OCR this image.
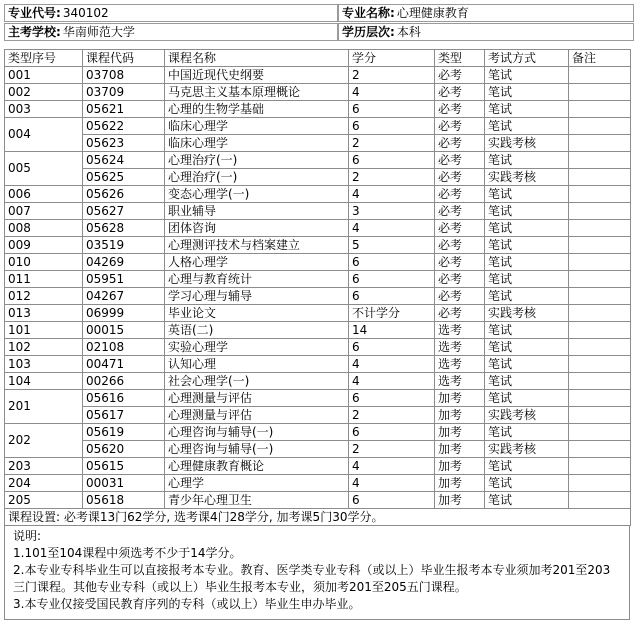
专业代号: 340102	专业名称: 心理健康教育
主考学校: 华南师范大学	学历层次: 本科
类型序号	课程代码	课程名称	学分	类型	考试方式	备注
001	03708	中国近现代史纲要	2	必考	笔试	
002	03709	马克思主义基本原理概论	4	必考	笔试	
003	05621	心理的生物学基础	6	必考	笔试	
004	05622	临床心理学	6	必考	笔试	
	05623	临床心理学	2	必考	实践考核	
005	05624	心理治疗(一)	6	必考	笔试	
	05625	心理治疗(一)	2	必考	实践考核	
006	05626	变态心理学(一)	4	必考	笔试	
007	05627	职业辅导	3	必考	笔试	
008	05628	团体咨询	4	必考	笔试	
009	03519	心理测评技术与档案建立	5	必考	笔试	
010	04269	人格心理学	6	必考	笔试	
011	05951	心理与教育统计	6	必考	笔试	
012	04267	学习心理与辅导	6	必考	笔试	
013	06999	毕业论文	不计学分	必考	实践考核	
101	00015	英语(二)	14	选考	笔试	
102	02108	实验心理学	6	选考	笔试	
103	00471	认知心理	4	选考	笔试	
104	00266	社会心理学(一)	4	选考	笔试	
201	05616	心理测量与评估	6	加考	笔试	
	05617	心理测量与评估	2	加考	实践考核	
202	05619	心理咨询与辅导(一)	6	加考	笔试	
	05620	心理咨询与辅导(一)	2	加考	实践考核	
203	05615	心理健康教育概论	4	加考	笔试	
204	00031	心理学	4	加考	笔试	
205	05618	青少年心理卫生	6	加考	笔试	
课程设置: 必考课13门62学分, 选考课4门28学分, 加考课5门30学分。						

说明:

1.101至104课程中须选考不少于14学分。

2.本专业专科毕业生可以直接报考本专业。教育、医学类专业专科（或以上）毕业生报考本专业须加考201至203三门课程。其他专业专科（或以上）毕业生报考本专业，须加考201至205五门课程。

3.本专业仅接受国民教育序列的专科（或以上）毕业生申办毕业。
